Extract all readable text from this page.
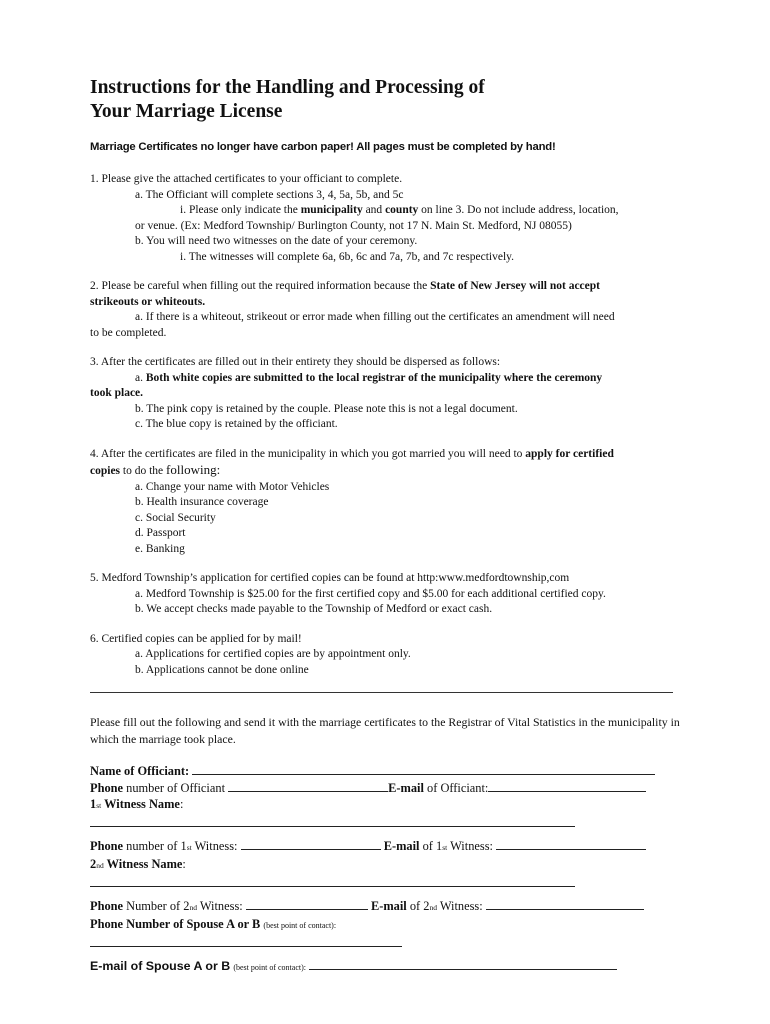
Instructions for the Handling and Processing of
Your Marriage License
Marriage Certificates no longer have carbon paper! All pages must be completed by hand!

1. Please give the attached certificates to your officiant to complete.

a. The Officiant will complete sections 3, 4, 5a, 5b, and 5c

i. Please only indicate the municipality and county on line 3. Do not include address, location,

or venue. (Ex: Medford Township/ Burlington County, not 17 N. Main St. Medford, NJ 08055)

b. You will need two witnesses on the date of your ceremony.

i. The witnesses will complete 6a, 6b, 6c and 7a, 7b, and 7c respectively.

2. Please be careful when filling out the required information because the State of New Jersey will not accept

strikeouts or whiteouts.

a. If there is a whiteout, strikeout or error made when filling out the certificates an amendment will need

to be completed.

3. After the certificates are filled out in their entirety they should be dispersed as follows:

a. Both white copies are submitted to the local registrar of the municipality where the ceremony

took place.

b. The pink copy is retained by the couple. Please note this is not a legal document.

c. The blue copy is retained by the officiant.

4. After the certificates are filed in the municipality in which you got married you will need to apply for certified

copies to do the following:

a. Change your name with Motor Vehicles

b. Health insurance coverage

c. Social Security

d. Passport

e. Banking

5. Medford Township’s application for certified copies can be found at http:www.medfordtownship,com

a. Medford Township is $25.00 for the first certified copy and $5.00 for each additional certified copy.

b. We accept checks made payable to the Township of Medford or exact cash.

6. Certified copies can be applied for by mail!

a. Applications for certified copies are by appointment only.

b. Applications cannot be done online

Please fill out the following and send it with the marriage certificates to the Registrar of Vital Statistics in the municipality in which the marriage took place.

Name of Officiant:

Phone number of Officiant	E-mail of Officiant:

1st Witness Name:

Phone number of 1st Witness:	E-mail of 1st Witness:

2nd Witness Name:

Phone Number of 2nd Witness:	E-mail of 2nd Witness:

Phone Number of Spouse A or B (best point of contact):

E-mail of Spouse A or B (best point of contact):
